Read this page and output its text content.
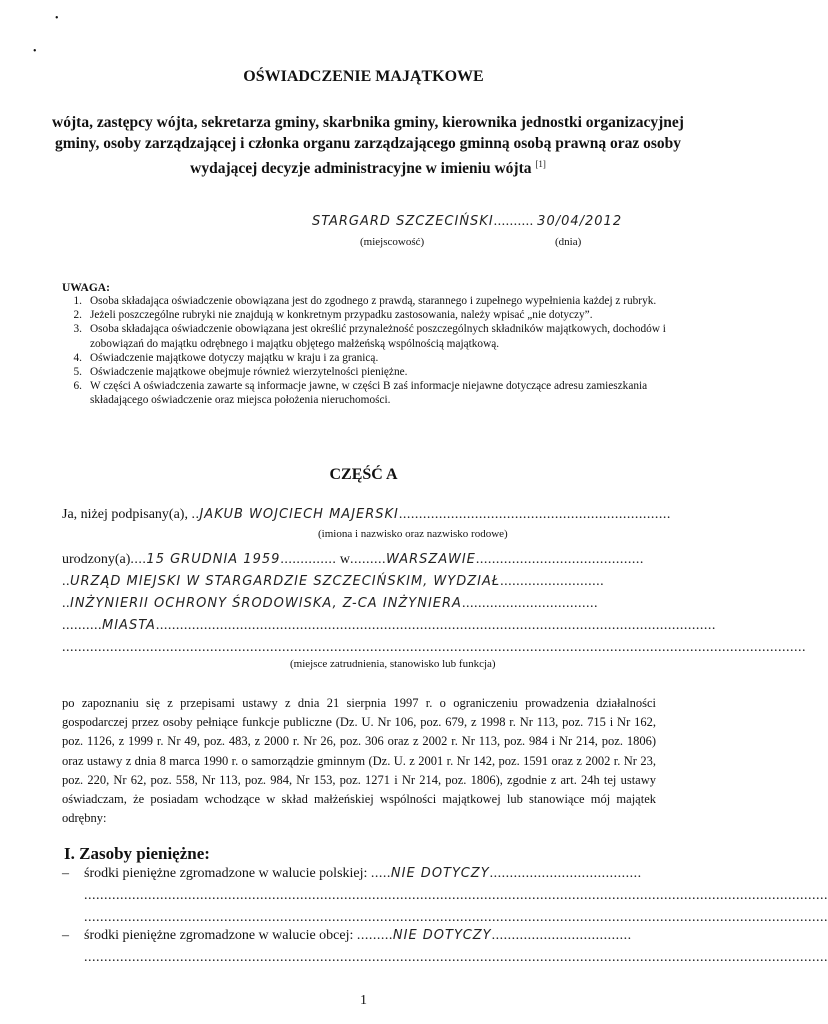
•
•
OŚWIADCZENIE MAJĄTKOWE
wójta, zastępcy wójta, sekretarza gminy, skarbnika gminy, kierownika jednostki organizacyjnej gminy, osoby zarządzającej i członka organu zarządzającego gminną osobą prawną oraz osoby wydającej decyzje administracyjne w imieniu wójta [1]
STARGARD SZCZECIŃSKI.......... 30/04/2012
(miejscowość)	(dnia)
UWAGA:
1. Osoba składająca oświadczenie obowiązana jest do zgodnego z prawdą, starannego i zupełnego wypełnienia każdej z rubryk.
2. Jeżeli poszczególne rubryki nie znajdują w konkretnym przypadku zastosowania, należy wpisać „nie dotyczy”.
3. Osoba składająca oświadczenie obowiązana jest określić przynależność poszczególnych składników majątkowych, dochodów i zobowiązań do majątku odrębnego i majątku objętego małżeńską wspólnością majątkową.
4. Oświadczenie majątkowe dotyczy majątku w kraju i za granicą.
5. Oświadczenie majątkowe obejmuje również wierzytelności pieniężne.
6. W części A oświadczenia zawarte są informacje jawne, w części B zaś informacje niejawne dotyczące adresu zamieszkania składającego oświadczenie oraz miejsca położenia nieruchomości.
CZĘŚĆ A
Ja, niżej podpisany(a), ..JAKUB WOJCIECH MAJERSKI....................................................................
(imiona i nazwisko oraz nazwisko rodowe)
urodzony(a)....15 GRUDNIA 1959.............. w.........WARSZAWIE..........................................
..URZĄD MIEJSKI W STARGARDZIE SZCZECIŃSKIM, WYDZIAŁ..........................
..INŻYNIERII OCHRONY ŚRODOWISKA, Z-CA INŻYNIERA..................................
..........MIASTA............................................................................................................................................
..........................................................................................................................................................................................
(miejsce zatrudnienia, stanowisko lub funkcja)
po zapoznaniu się z przepisami ustawy z dnia 21 sierpnia 1997 r. o ograniczeniu prowadzenia działalności gospodarczej przez osoby pełniące funkcje publiczne (Dz. U. Nr 106, poz. 679, z 1998 r. Nr 113, poz. 715 i Nr 162, poz. 1126, z 1999 r. Nr 49, poz. 483, z 2000 r. Nr 26, poz. 306 oraz z 2002 r. Nr 113, poz. 984 i Nr 214, poz. 1806) oraz ustawy z dnia 8 marca 1990 r. o samorządzie gminnym (Dz. U. z 2001 r. Nr 142, poz. 1591 oraz z 2002 r. Nr 23, poz. 220, Nr 62, poz. 558, Nr 113, poz. 984, Nr 153, poz. 1271 i Nr 214, poz. 1806), zgodnie z art. 24h tej ustawy oświadczam, że posiadam wchodzące w skład małżeńskiej wspólności majątkowej lub stanowiące mój majątek odrębny:
I. Zasoby pieniężne:
– środki pieniężne zgromadzone w walucie polskiej: .....NIE DOTYCZY......................................
..........................................................................................................................................................................................
..........................................................................................................................................................................................
– środki pieniężne zgromadzone w walucie obcej: .........NIE DOTYCZY...................................
..........................................................................................................................................................................................
1
